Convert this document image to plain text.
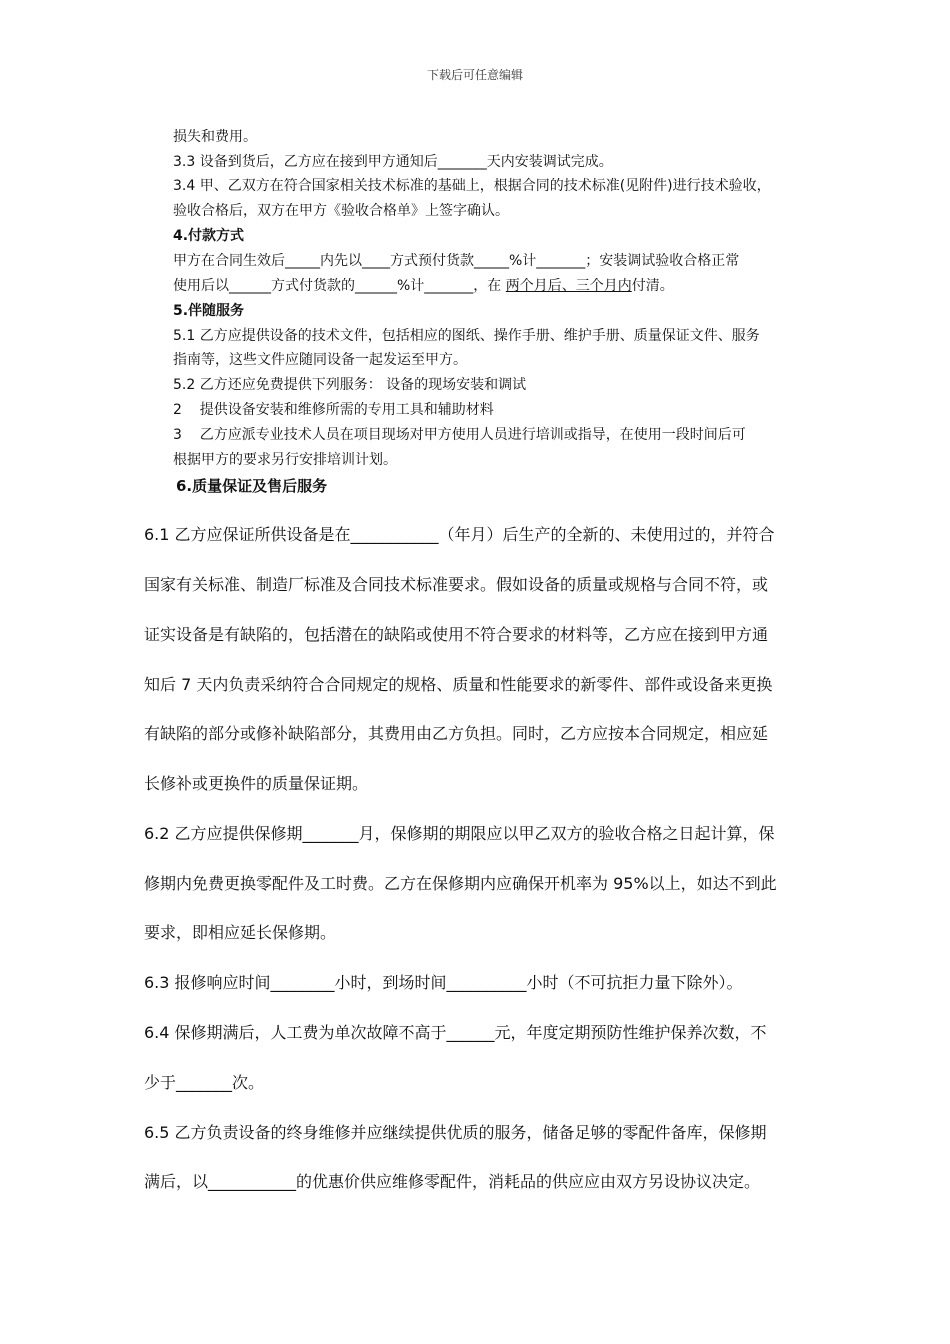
下载后可任意编辑
损失和费用。
3.3 设备到货后，乙方应在接到甲方通知后_______天内安装调试完成。
3.4 甲、乙双方在符合国家相关技术标准的基础上，根据合同的技术标准(见附件)进行技术验收，
验收合格后，双方在甲方《验收合格单》上签字确认。
4.付款方式
甲方在合同生效后_____内先以____方式预付货款_____%计_______；安装调试验收合格正常
使用后以______方式付货款的______%计_______，在 两个月后、三个月内付清。
5.伴随服务
5.1 乙方应提供设备的技术文件，包括相应的图纸、操作手册、维护手册、质量保证文件、服务
指南等，这些文件应随同设备一起发运至甲方。
5.2 乙方还应免费提供下列服务： 设备的现场安装和调试
2    提供设备安装和维修所需的专用工具和辅助材料
3    乙方应派专业技术人员在项目现场对甲方使用人员进行培训或指导，在使用一段时间后可
根据甲方的要求另行安排培训计划。
6.质量保证及售后服务
6.1 乙方应保证所供设备是在___________（年月）后生产的全新的、未使用过的，并符合
国家有关标准、制造厂标准及合同技术标准要求。假如设备的质量或规格与合同不符，或
证实设备是有缺陷的，包括潜在的缺陷或使用不符合要求的材料等，乙方应在接到甲方通
知后 7 天内负责采纳符合合同规定的规格、质量和性能要求的新零件、部件或设备来更换
有缺陷的部分或修补缺陷部分，其费用由乙方负担。同时，乙方应按本合同规定，相应延
长修补或更换件的质量保证期。
6.2 乙方应提供保修期_______月，保修期的期限应以甲乙双方的验收合格之日起计算，保
修期内免费更换零配件及工时费。乙方在保修期内应确保开机率为 95%以上，如达不到此
要求，即相应延长保修期。
6.3 报修响应时间________小时，到场时间__________小时（不可抗拒力量下除外）。
6.4 保修期满后，人工费为单次故障不高于______元，年度定期预防性维护保养次数，不
少于_______次。
6.5 乙方负责设备的终身维修并应继续提供优质的服务，储备足够的零配件备库，保修期
满后，以___________的优惠价供应维修零配件，消耗品的供应应由双方另设协议决定。
